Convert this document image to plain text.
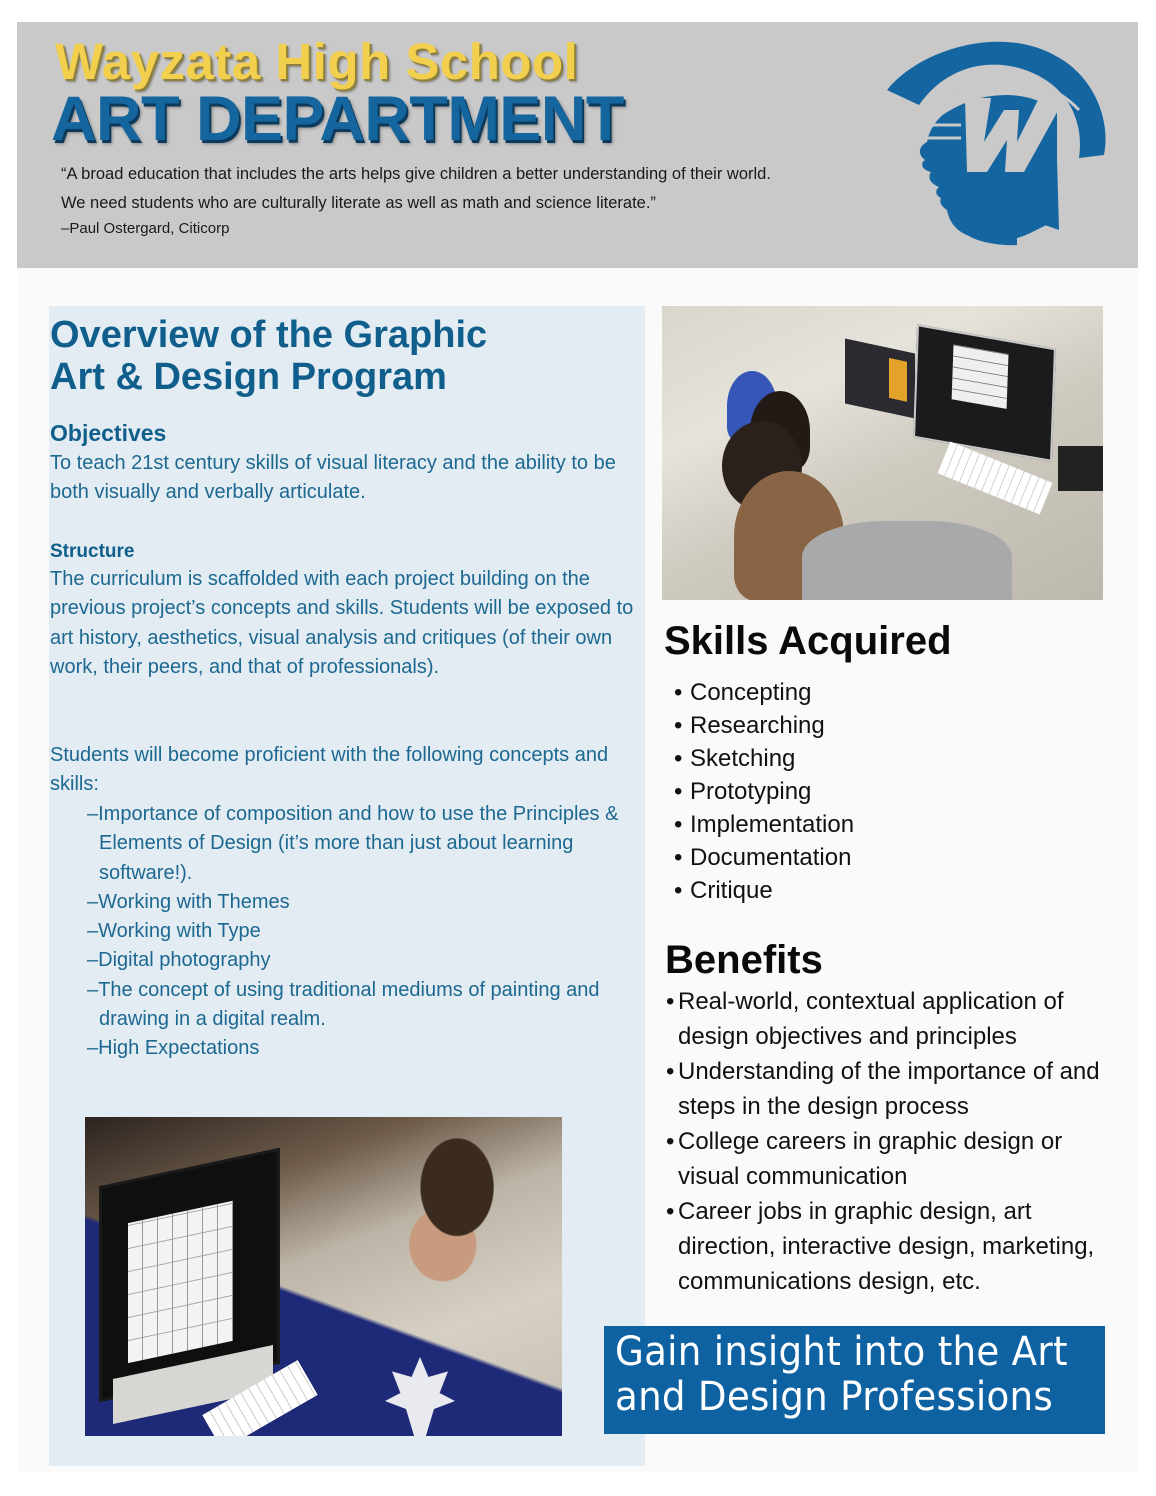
Wayzata High School
ART DEPARTMENT
“A broad education that includes the arts helps give children a better understanding of their world.
We need students who are culturally literate as well as math and science literate.”
–Paul Ostergard, Citicorp
Overview of the Graphic
Art & Design Program
Objectives

To teach 21st century skills of visual literacy and the ability to be both visually and verbally articulate.

Structure

The curriculum is scaffolded with each project building on the previous project’s concepts and skills. Students will be exposed to art history, aesthetics, visual analysis and critiques (of their own work, their peers, and that of professionals).

Students will become proficient with the following concepts and skills:

–Importance of composition and how to use the Principles & Elements of Design (it’s more than just about learning software!).
–Working with Themes
–Working with Type
–Digital photography
–The concept of using traditional mediums of painting and drawing in a digital realm.
–High Expectations
Skills Acquired
• Concepting
• Researching
• Sketching
• Prototyping
• Implementation
• Documentation
• Critique
Benefits
• Real-world, contextual application of design objectives and principles
• Understanding of the importance of and steps in the design process
• College careers in graphic design or visual communication
• Career jobs in graphic design, art direction, interactive design, marketing, communications design, etc.
Gain insight into the Art
and Design Professions
